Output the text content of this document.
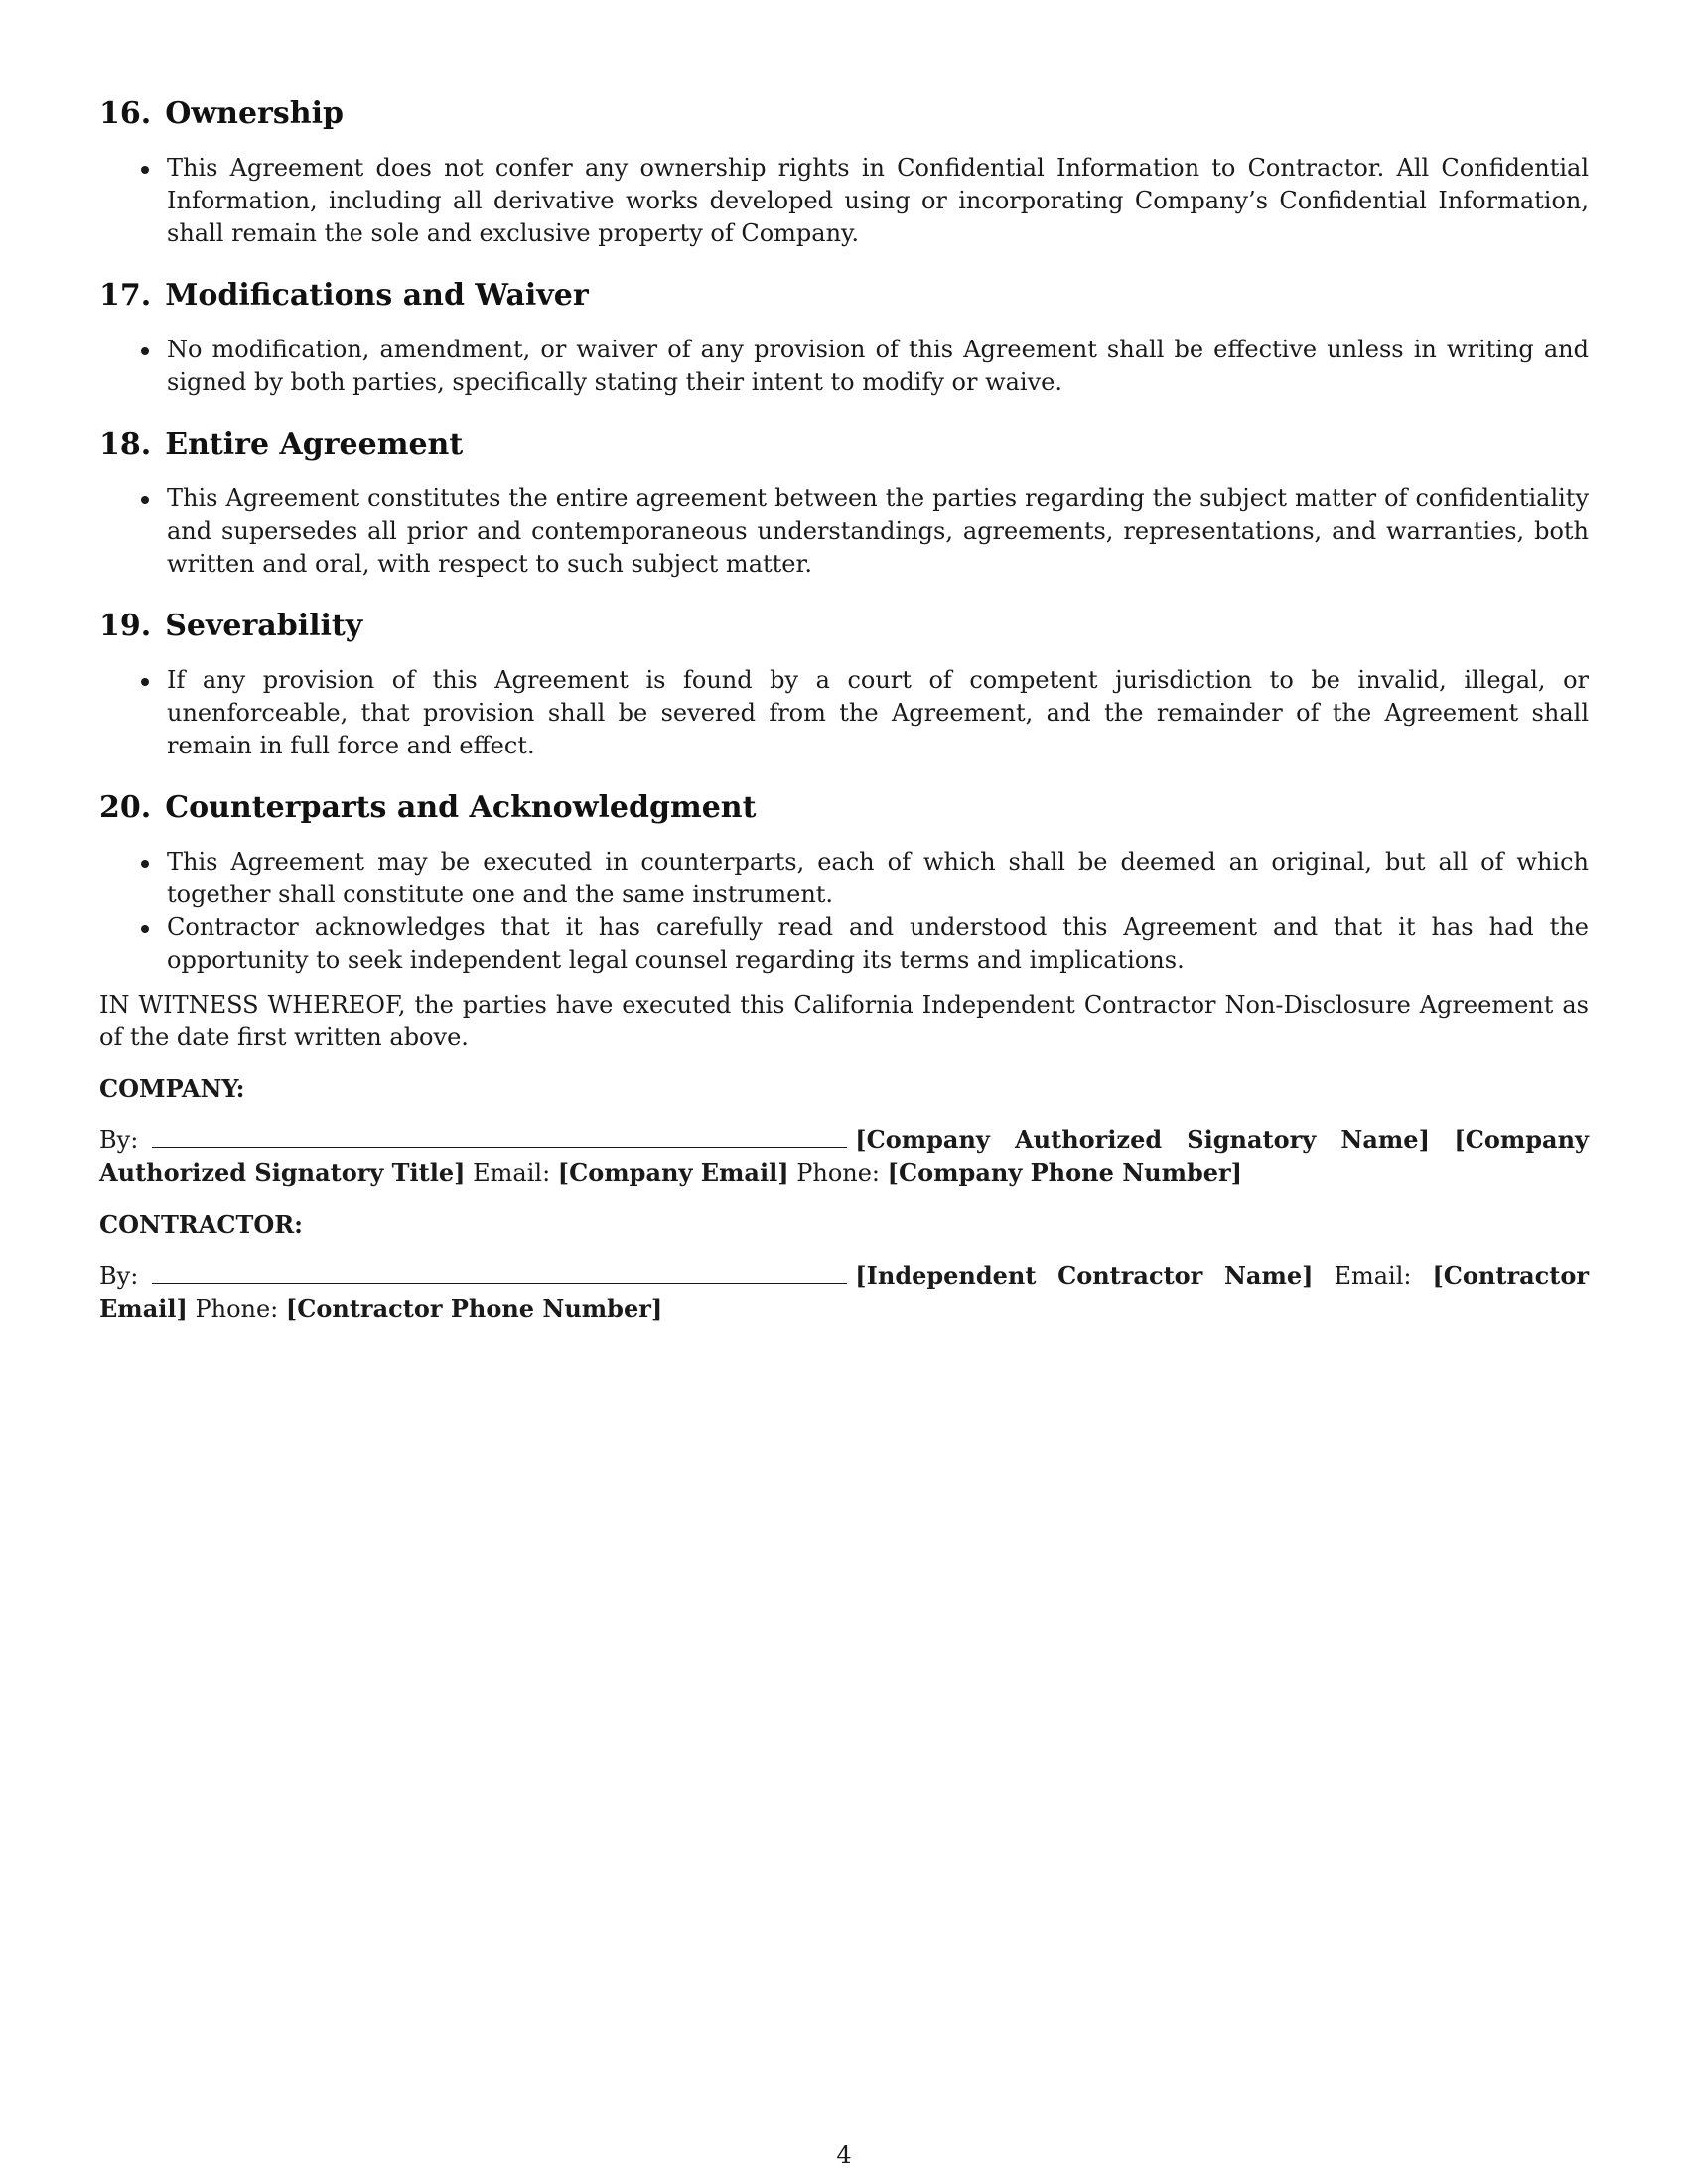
16. Ownership
This Agreement does not confer any ownership rights in Confidential Information to Contractor. All Confidential Information, including all derivative works developed using or incorporating Company’s Confidential Information, shall remain the sole and exclusive property of Company.
17. Modifications and Waiver
No modification, amendment, or waiver of any provision of this Agreement shall be effective unless in writing and signed by both parties, specifically stating their intent to modify or waive.
18. Entire Agreement
This Agreement constitutes the entire agreement between the parties regarding the subject matter of confidentiality and supersedes all prior and contemporaneous understandings, agreements, representations, and warranties, both written and oral, with respect to such subject matter.
19. Severability
If any provision of this Agreement is found by a court of competent jurisdiction to be invalid, illegal, or unenforceable, that provision shall be severed from the Agreement, and the remainder of the Agreement shall remain in full force and effect.
20. Counterparts and Acknowledgment
This Agreement may be executed in counterparts, each of which shall be deemed an original, but all of which together shall constitute one and the same instrument.
Contractor acknowledges that it has carefully read and understood this Agreement and that it has had the opportunity to seek independent legal counsel regarding its terms and implications.

IN WITNESS WHEREOF, the parties have executed this California Independent Contractor Non-Disclosure Agreement as of the date first written above.

COMPANY:
By:	[Company Authorized Signatory Name] [Company Authorized Signatory Title] Email: [Company Email] Phone: [Company Phone Number]
CONTRACTOR:
By:	[Independent Contractor Name] Email: [Contractor Email] Phone: [Contractor Phone Number]
4
